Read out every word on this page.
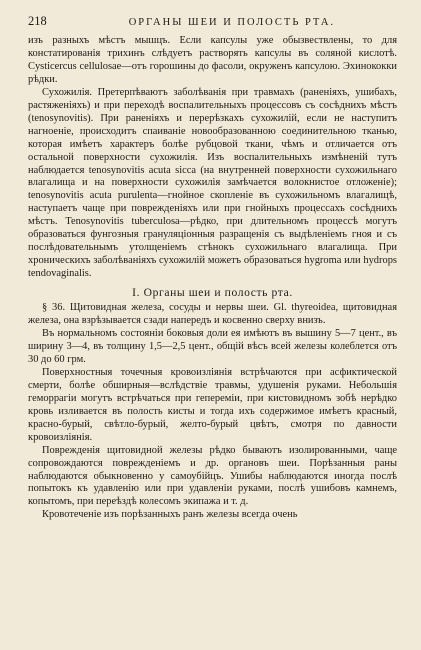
218	ОРГАНЫ ШЕИ И ПОЛОСТЬ РТА.

изъ разныхъ мѣстъ мышцъ. Если капсулы уже обызвествлены, то для констатированія трихинъ слѣдуетъ растворять капсулы въ соляной кислотѣ. Cysticercus cellulosae—отъ горошины до фасоли, окруженъ капсулою. Эхинококки рѣдки.

Сухожилія. Претерпѣваютъ заболѣванія при травмахъ (раненіяхъ, ушибахъ, растяженіяхъ) и при переходѣ воспалительныхъ процессовъ съ сосѣднихъ мѣстъ (tenosynovitis). При раненіяхъ и перерѣзкахъ сухожилій, если не наступитъ нагноеніе, происходитъ спаиваніе новообразованною соединительною тканью, которая имѣетъ характеръ болѣе рубцовой ткани, чѣмъ и отличается отъ остальной поверхности сухожилія. Изъ воспалительныхъ измѣненій тутъ наблюдается tenosynovitis acuta sicca (на внутренней поверхности сухожильнаго влагалища и на поверхности сухожилія замѣчается волокнистое отложеніе); tenosynovitis acuta purulenta—гнойное скопленіе въ сухожильномъ влагалищѣ, наступаетъ чаще при поврежденіяхъ или при гнойныхъ процессахъ сосѣднихъ мѣстъ. Tenosynovitis tuberculosa—рѣдко, при длительномъ процессѣ могутъ образоваться фунгозныя грануляціонныя разращенія съ выдѣленіемъ гноя и съ послѣдовательнымъ утолщеніемъ стѣнокъ сухожильнаго влагалища. При хроническихъ заболѣваніяхъ сухожилій можетъ образоваться hygroma или hydrops tendovaginalis.

I. Органы шеи и полость рта.

§ 36. Щитовидная железа, сосуды и нервы шеи. Gl. thyreoidea, щитовидная железа, она взрѣзывается сзади напередъ и косвенно сверху внизъ.

Въ нормальномъ состояніи боковыя доли ея имѣютъ въ вышину 5—7 цент., въ ширину 3—4, въ толщину 1,5—2,5 цент., общій вѣсъ всей железы колеблется отъ 30 до 60 грм.

Поверхностныя точечныя кровоизліянія встрѣчаются при асфиктической смерти, болѣе обширныя—вслѣдствіе травмы, удушенія руками. Небольшія геморрагіи могутъ встрѣчаться при гепереміи, при кистовидномъ зобѣ нерѣдко кровь изливается въ полость кисты и тогда ихъ содержимое имѣетъ красный, красно-бурый, свѣтло-бурый, желто-бурый цвѣтъ, смотря по давности кровоизліянія.

Поврежденія щитовидной железы рѣдко бываютъ изолированными, чаще сопровождаются поврежденіемъ и др. органовъ шеи. Порѣзанныя раны наблюдаются обыкновенно у самоубійцъ. Ушибы наблюдаются иногда послѣ попытокъ къ удавленію или при удавленіи руками, послѣ ушибовъ камнемъ, копытомъ, при переѣздѣ колесомъ экипажа и т. д.

Кровотеченіе изъ порѣзанныхъ ранъ железы всегда очень
